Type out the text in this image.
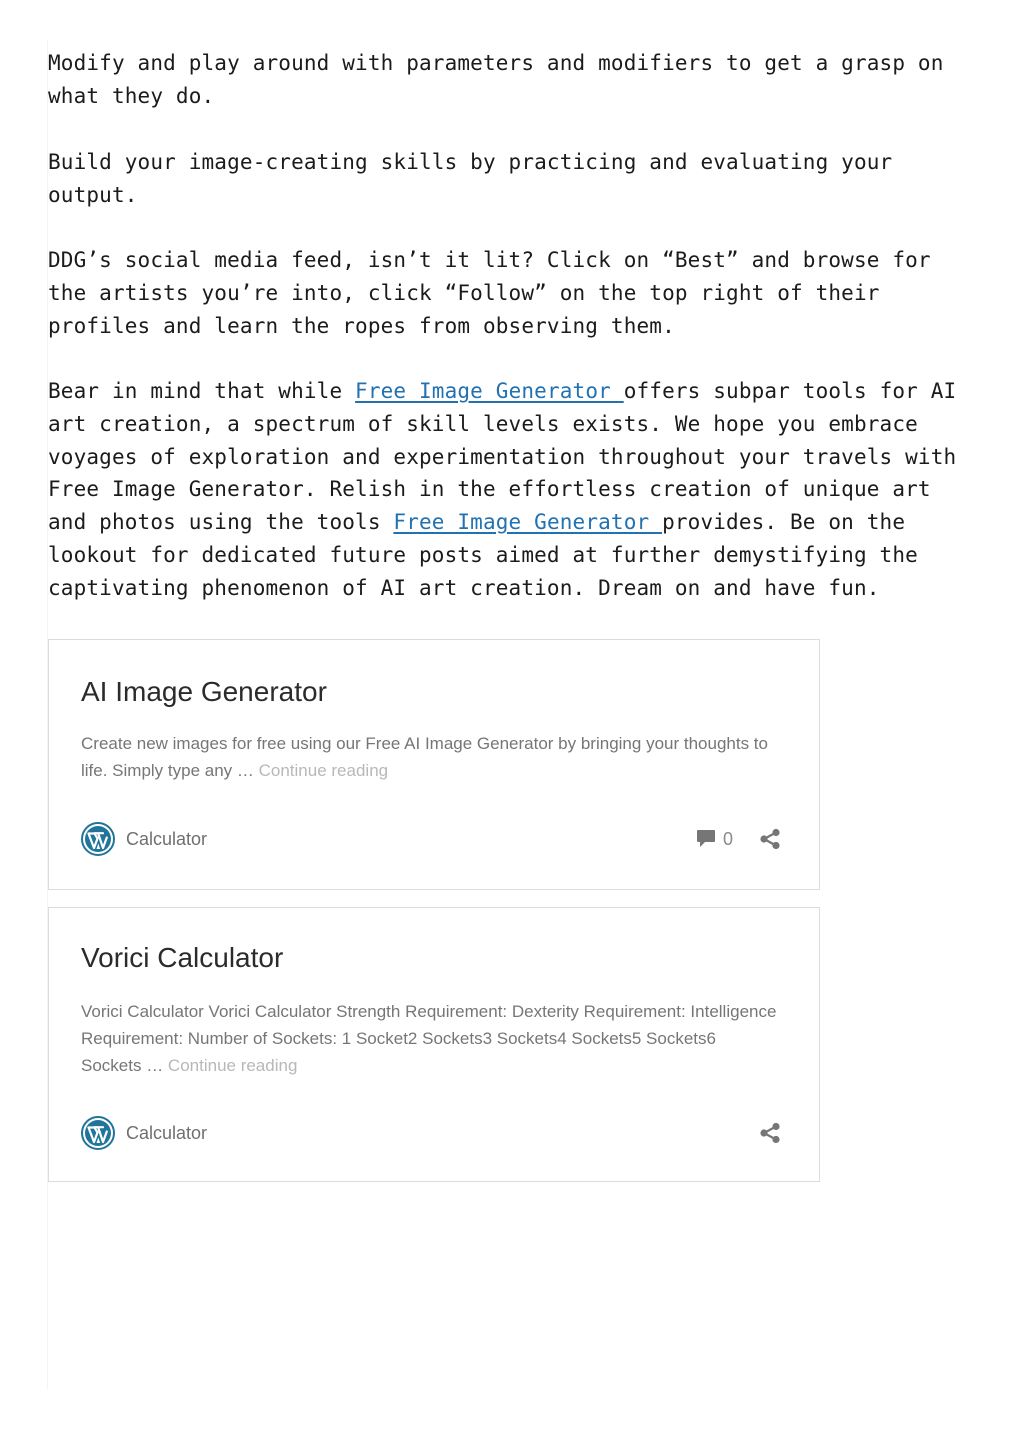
Modify and play around with parameters and modifiers to get a grasp on what they do.

Build your image-creating skills by practicing and evaluating your output.

DDG’s social media feed, isn’t it lit? Click on “Best” and browse for the artists you’re into, click “Follow” on the top right of their profiles and learn the ropes from observing them.

Bear in mind that while Free Image Generator offers subpar tools for AI art creation, a spectrum of skill levels exists. We hope you embrace voyages of exploration and experimentation throughout your travels with Free Image Generator. Relish in the effortless creation of unique art and photos using the tools Free Image Generator provides. Be on the lookout for dedicated future posts aimed at further demystifying the captivating phenomenon of AI art creation. Dream on and have fun.

AI Image Generator

Create new images for free using our Free AI Image Generator by bringing your thoughts to life. Simply type any … Continue reading

Calculator	0
Vorici Calculator

Vorici Calculator Vorici Calculator Strength Requirement: Dexterity Requirement: Intelligence Requirement: Number of Sockets: 1 Socket2 Sockets3 Sockets4 Sockets5 Sockets6 Sockets … Continue reading

Calculator
